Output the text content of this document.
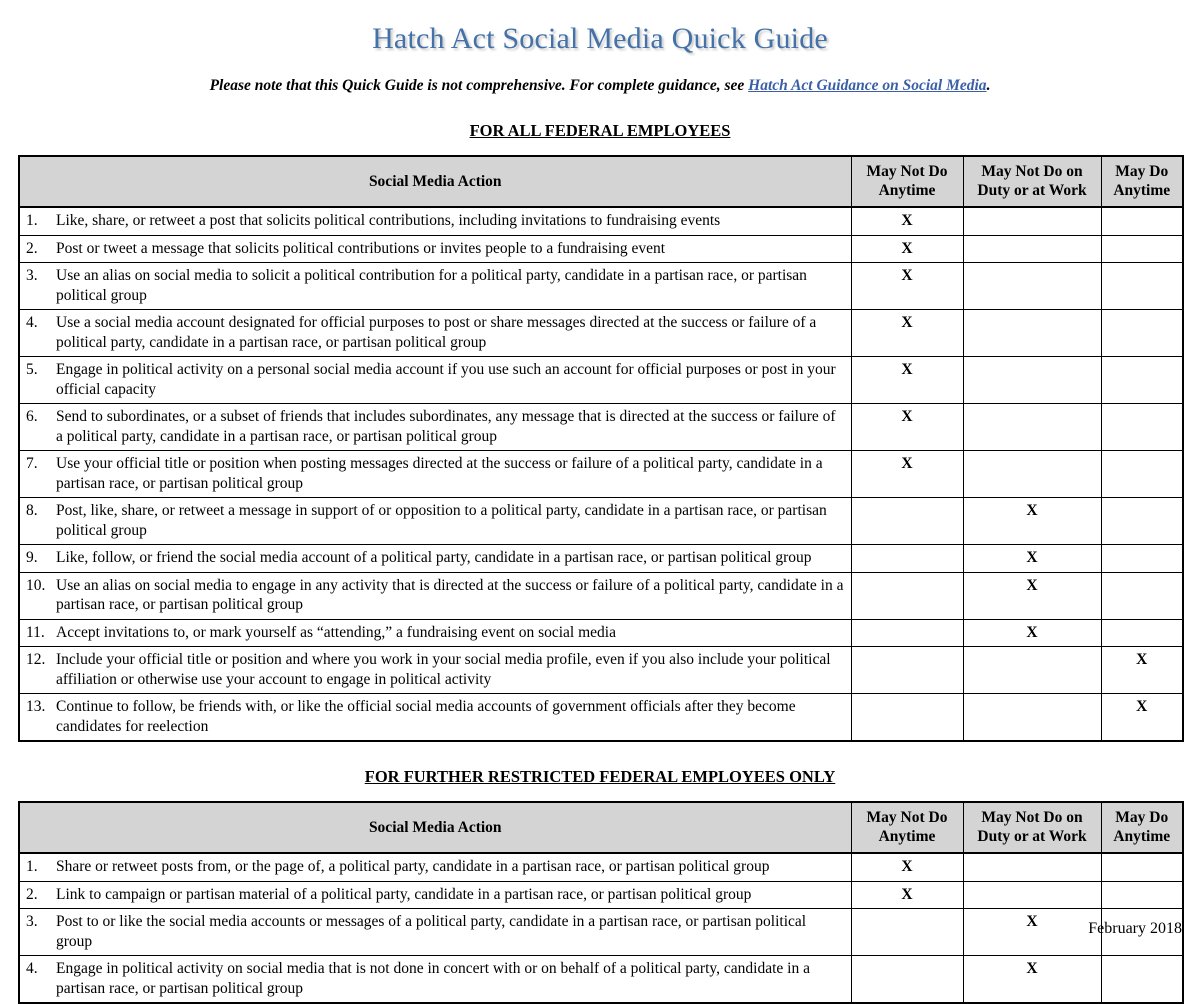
Hatch Act Social Media Quick Guide

Please note that this Quick Guide is not comprehensive. For complete guidance, see Hatch Act Guidance on Social Media.

FOR ALL FEDERAL EMPLOYEES
Social Media Action	May Not Do Anytime	May Not Do on Duty or at Work	May Do Anytime

1. Like, share, or retweet a post that solicits political contributions, including invitations to fundraising events	X		

2. Post or tweet a message that solicits political contributions or invites people to a fundraising event	X		

3. Use an alias on social media to solicit a political contribution for a political party, candidate in a partisan race, or partisan political group	X		

4. Use a social media account designated for official purposes to post or share messages directed at the success or failure of a political party, candidate in a partisan race, or partisan political group	X		

5. Engage in political activity on a personal social media account if you use such an account for official purposes or post in your official capacity	X		

6. Send to subordinates, or a subset of friends that includes subordinates, any message that is directed at the success or failure of a political party, candidate in a partisan race, or partisan political group	X		

7. Use your official title or position when posting messages directed at the success or failure of a political party, candidate in a partisan race, or partisan political group	X		

8. Post, like, share, or retweet a message in support of or opposition to a political party, candidate in a partisan race, or partisan political group		X	

9. Like, follow, or friend the social media account of a political party, candidate in a partisan race, or partisan political group		X	

10. Use an alias on social media to engage in any activity that is directed at the success or failure of a political party, candidate in a partisan race, or partisan political group		X	

11. Accept invitations to, or mark yourself as “attending,” a fundraising event on social media		X	

12. Include your official title or position and where you work in your social media profile, even if you also include your political affiliation or otherwise use your account to engage in political activity			X

13. Continue to follow, be friends with, or like the official social media accounts of government officials after they become candidates for reelection			X
FOR FURTHER RESTRICTED FEDERAL EMPLOYEES ONLY
Social Media Action	May Not Do Anytime	May Not Do on Duty or at Work	May Do Anytime

1. Share or retweet posts from, or the page of, a political party, candidate in a partisan race, or partisan political group	X		

2. Link to campaign or partisan material of a political party, candidate in a partisan race, or partisan political group	X		

3. Post to or like the social media accounts or messages of a political party, candidate in a partisan race, or partisan political group		X	

4. Engage in political activity on social media that is not done in concert with or on behalf of a political party, candidate in a partisan race, or partisan political group		X	
February 2018
